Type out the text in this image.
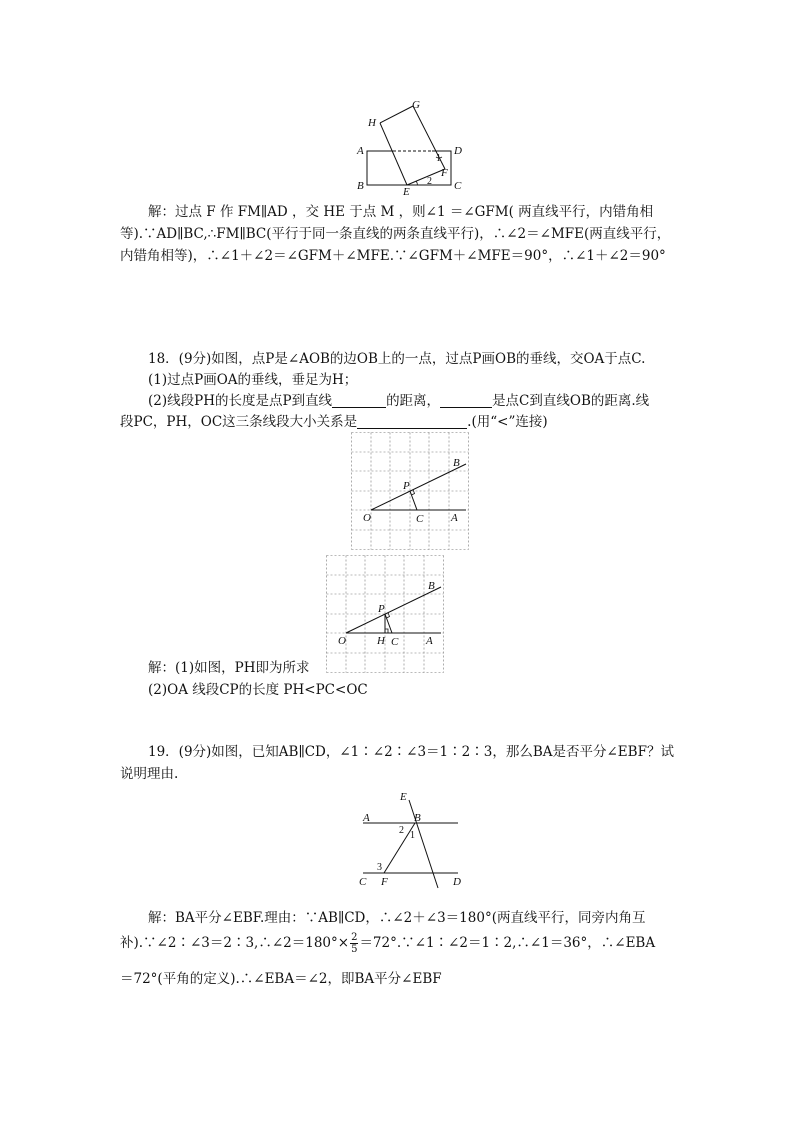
H
G
A	D
B	C
E
F
1
2
解：过点 F 作 FM∥AD ，交 HE 于点 M ，则∠1 ＝∠GFM( 两直线平行，内错角相
等).∵AD∥BC,∴FM∥BC(平行于同一条直线的两条直线平行)，∴∠2＝∠MFE(两直线平行，
内错角相等)，∴∠1＋∠2＝∠GFM＋∠MFE.∵∠GFM＋∠MFE＝90°，∴∠1＋∠2＝90°
18．(9分)如图，点P是∠AOB的边OB上的一点，过点P画OB的垂线，交OA于点C.
(1)过点P画OA的垂线，垂足为H；
(2)线段PH的长度是点P到直线	的距离，	是点C到直线OB的距离.线
段PC，PH，OC这三条线段大小关系是	.(用“<”连接)
B
P
O	C	A
B
P
O	H C	A
解：(1)如图，PH即为所求
(2)OA 线段CP的长度 PH<PC<OC
19．(9分)如图，已知AB∥CD，∠1∶∠2∶∠3＝1∶2∶3，那么BA是否平分∠EBF？试
说明理由.
E
A	B
2 1
3
C F	D
解：BA平分∠EBF.理由：∵AB∥CD，∴∠2＋∠3＝180°(两直线平行，同旁内角互
补).∵∠2∶∠3＝2∶3,∴∠2＝180°× $\frac{2}{5}$ ＝72°.∵∠1∶∠2＝1∶2,∴∠1＝36°，∴∠EBA
＝72°(平角的定义).∴∠EBA＝∠2，即BA平分∠EBF
